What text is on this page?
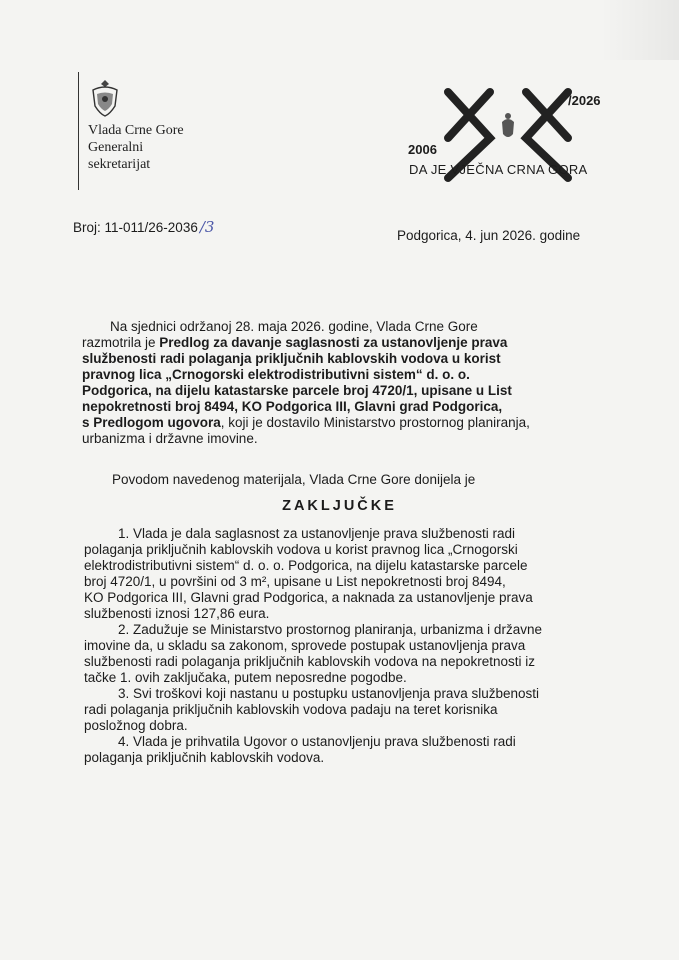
Vlada Crne Gore
Generalni
sekretarijat
/2026
2006
DA JE VJEČNA CRNA GORA
Broj: 11-011/26-2036 /3	Podgorica, 4. jun 2026. godine
Na sjednici održanoj 28. maja 2026. godine, Vlada Crne Gore
razmotrila je Predlog za davanje saglasnosti za ustanovljenje prava
službenosti radi polaganja priključnih kablovskih vodova u korist
pravnog lica „Crnogorski elektrodistributivni sistem“ d. o. o.
Podgorica, na dijelu katastarske parcele broj 4720/1, upisane u List
nepokretnosti broj 8494, KO Podgorica III, Glavni grad Podgorica,
s Predlogom ugovora, koji je dostavilo Ministarstvo prostornog planiranja,
urbanizma i državne imovine.
Povodom navedenog materijala, Vlada Crne Gore donijela je
ZAKLJUČKE
1. Vlada je dala saglasnost za ustanovljenje prava službenosti radi
polaganja priključnih kablovskih vodova u korist pravnog lica „Crnogorski
elektrodistributivni sistem“ d. o. o. Podgorica, na dijelu katastarske parcele
broj 4720/1, u površini od 3 m², upisane u List nepokretnosti broj 8494,
KO Podgorica III, Glavni grad Podgorica, a naknada za ustanovljenje prava
službenosti iznosi 127,86 eura.
2. Zadužuje se Ministarstvo prostornog planiranja, urbanizma i državne
imovine da, u skladu sa zakonom, sprovede postupak ustanovljenja prava
službenosti radi polaganja priključnih kablovskih vodova na nepokretnosti iz
tačke 1. ovih zaključaka, putem neposredne pogodbe.
3. Svi troškovi koji nastanu u postupku ustanovljenja prava službenosti
radi polaganja priključnih kablovskih vodova padaju na teret korisnika
posložnog dobra.
4. Vlada je prihvatila Ugovor o ustanovljenju prava službenosti radi
polaganja priključnih kablovskih vodova.
